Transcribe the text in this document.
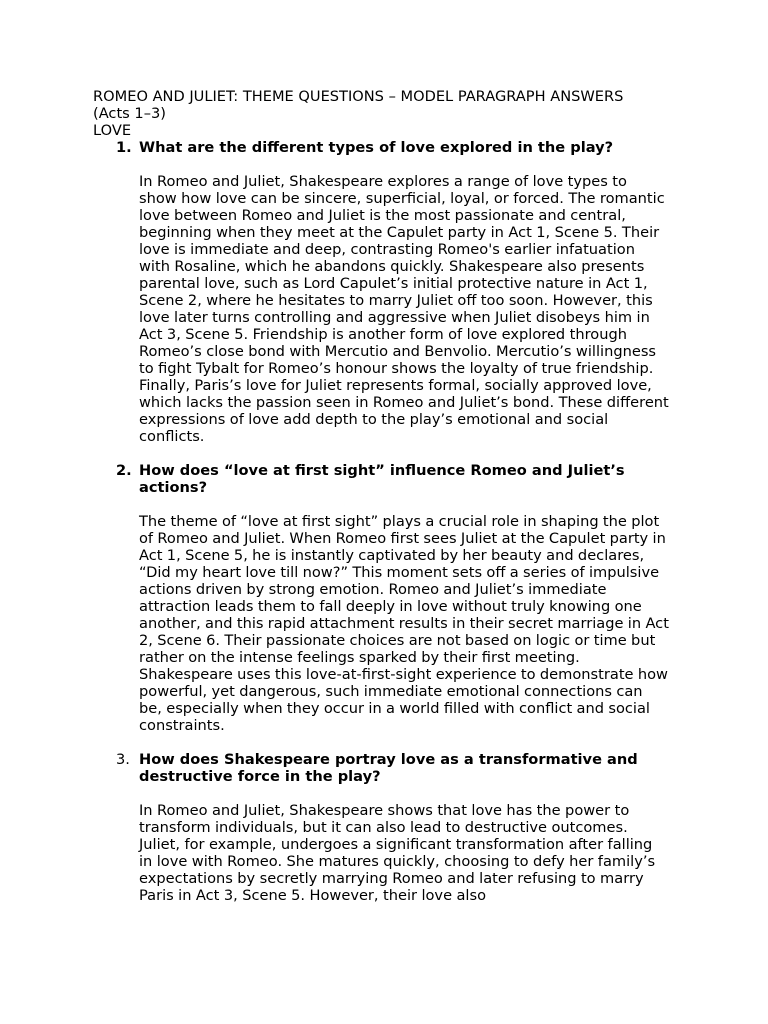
ROMEO AND JULIET: THEME QUESTIONS – MODEL PARAGRAPH ANSWERS
(Acts 1–3)
LOVE
1. What are the different types of love explored in the play?
In Romeo and Juliet, Shakespeare explores a range of love types to show how love can be sincere, superficial, loyal, or forced. The romantic love between Romeo and Juliet is the most passionate and central, beginning when they meet at the Capulet party in Act 1, Scene 5. Their love is immediate and deep, contrasting Romeo's earlier infatuation with Rosaline, which he abandons quickly. Shakespeare also presents parental love, such as Lord Capulet’s initial protective nature in Act 1, Scene 2, where he hesitates to marry Juliet off too soon. However, this love later turns controlling and aggressive when Juliet disobeys him in Act 3, Scene 5. Friendship is another form of love explored through Romeo’s close bond with Mercutio and Benvolio. Mercutio’s willingness to fight Tybalt for Romeo’s honour shows the loyalty of true friendship. Finally, Paris’s love for Juliet represents formal, socially approved love, which lacks the passion seen in Romeo and Juliet’s bond. These different expressions of love add depth to the play’s emotional and social conflicts.
2. How does “love at first sight” influence Romeo and Juliet’s actions?
The theme of “love at first sight” plays a crucial role in shaping the plot of Romeo and Juliet. When Romeo first sees Juliet at the Capulet party in Act 1, Scene 5, he is instantly captivated by her beauty and declares, “Did my heart love till now?” This moment sets off a series of impulsive actions driven by strong emotion. Romeo and Juliet’s immediate attraction leads them to fall deeply in love without truly knowing one another, and this rapid attachment results in their secret marriage in Act 2, Scene 6. Their passionate choices are not based on logic or time but rather on the intense feelings sparked by their first meeting. Shakespeare uses this love-at-first-sight experience to demonstrate how powerful, yet dangerous, such immediate emotional connections can be, especially when they occur in a world filled with conflict and social constraints.
3. How does Shakespeare portray love as a transformative and destructive force in the play?
In Romeo and Juliet, Shakespeare shows that love has the power to transform individuals, but it can also lead to destructive outcomes. Juliet, for example, undergoes a significant transformation after falling in love with Romeo. She matures quickly, choosing to defy her family’s expectations by secretly marrying Romeo and later refusing to marry Paris in Act 3, Scene 5. However, their love also
